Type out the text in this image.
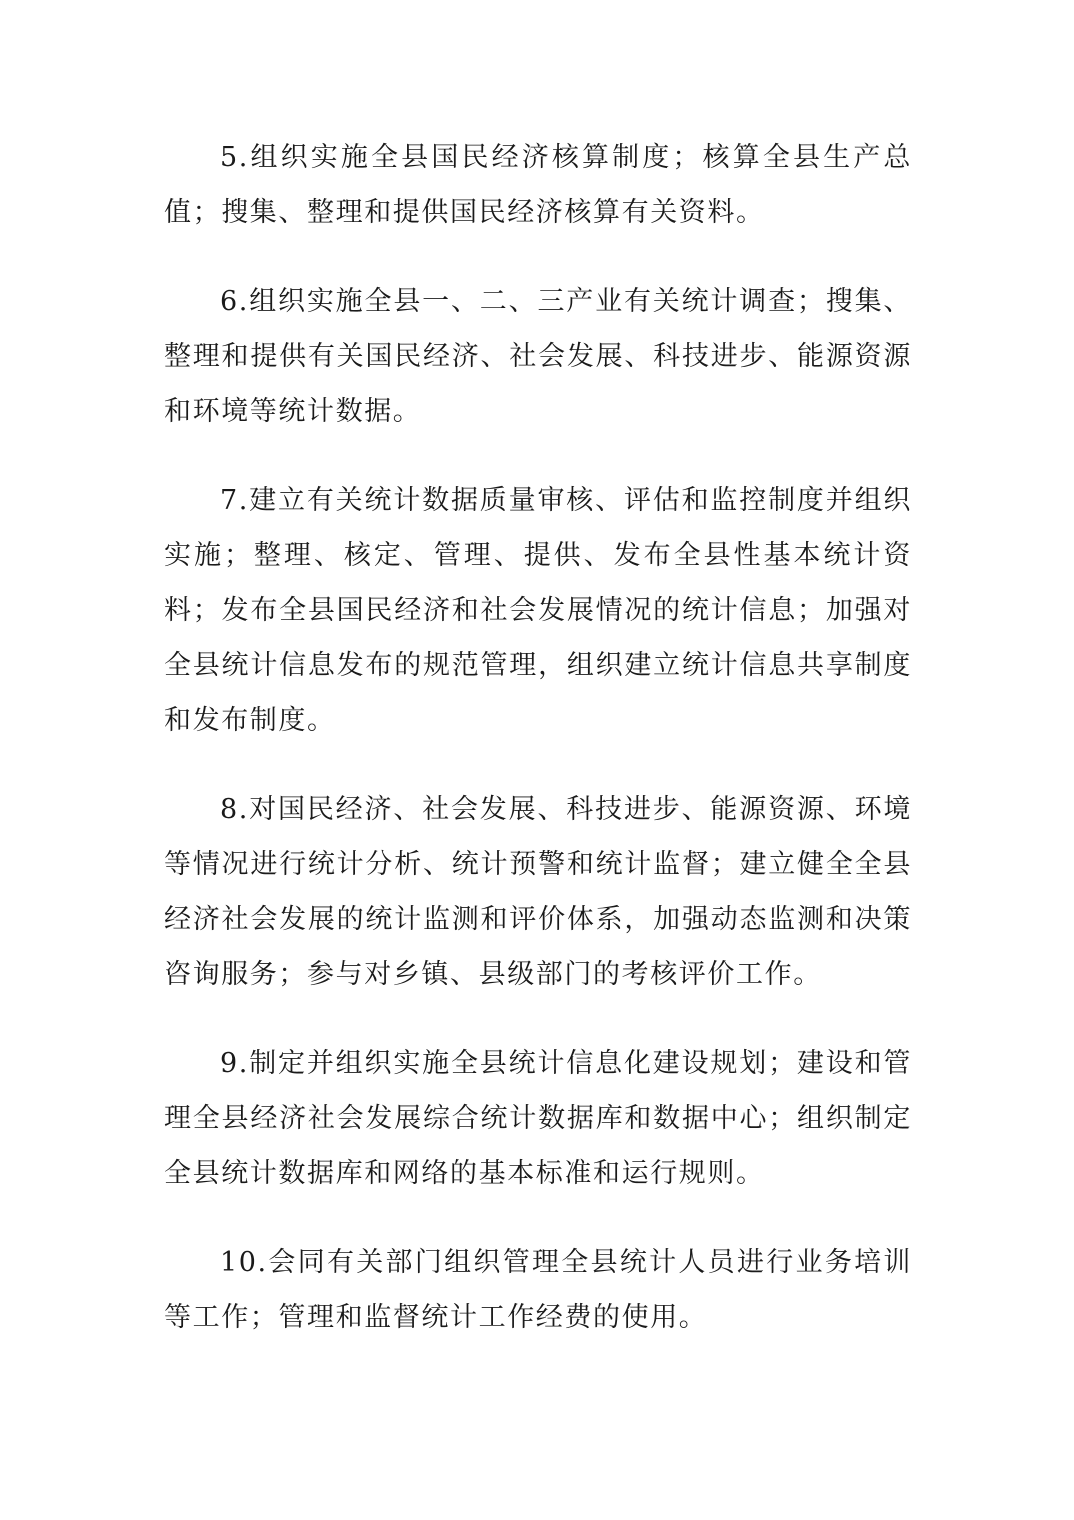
5.组织实施全县国民经济核算制度；核算全县生产总值；搜集、整理和提供国民经济核算有关资料。

6.组织实施全县一、二、三产业有关统计调查；搜集、整理和提供有关国民经济、社会发展、科技进步、能源资源和环境等统计数据。

7.建立有关统计数据质量审核、评估和监控制度并组织实施；整理、核定、管理、提供、发布全县性基本统计资料；发布全县国民经济和社会发展情况的统计信息；加强对全县统计信息发布的规范管理，组织建立统计信息共享制度和发布制度。

8.对国民经济、社会发展、科技进步、能源资源、环境等情况进行统计分析、统计预警和统计监督；建立健全全县经济社会发展的统计监测和评价体系，加强动态监测和决策咨询服务；参与对乡镇、县级部门的考核评价工作。

9.制定并组织实施全县统计信息化建设规划；建设和管理全县经济社会发展综合统计数据库和数据中心；组织制定全县统计数据库和网络的基本标准和运行规则。

10.会同有关部门组织管理全县统计人员进行业务培训等工作；管理和监督统计工作经费的使用。
